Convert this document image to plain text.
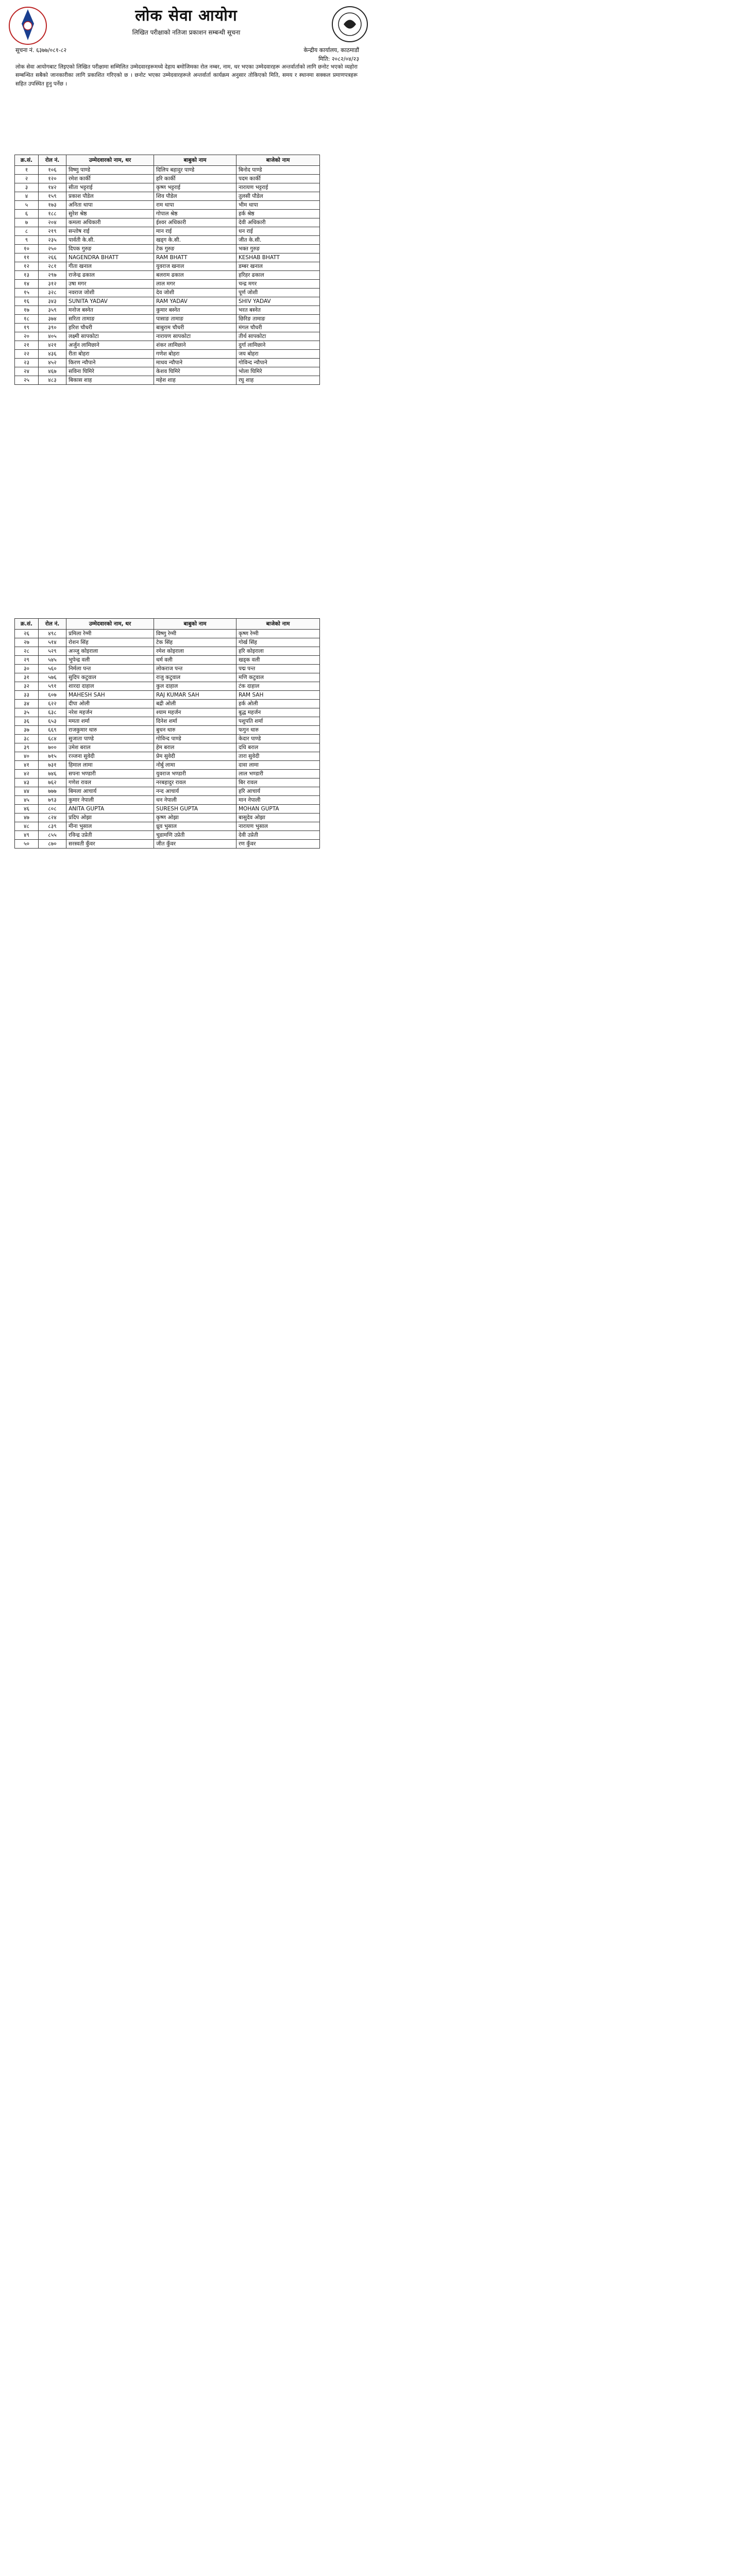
लोक सेवा आयोग
लिखित परीक्षाको नतिजा प्रकाशन सम्बन्धी सूचना
सूचना नं. ६३७७/०८१-८२	केन्द्रीय कार्यालय, काठमाडौं
मिति: २०८२/०४/२३
लोक सेवा आयोगबाट लिइएको लिखित परीक्षामा सम्मिलित उम्मेदवारहरूमध्ये देहाय बमोजिमका रोल नम्बर, नाम, थर भएका उम्मेदवारहरू अन्तर्वार्ताको लागि छनोट भएको व्यहोरा सम्बन्धित सबैको जानकारीका लागि प्रकाशित गरिएको छ । छनोट भएका उम्मेदवारहरूले अन्तर्वार्ता कार्यक्रम अनुसार तोकिएको मिति, समय र स्थानमा सक्कल प्रमाणपत्रहरू सहित उपस्थित हुनु पर्नेछ ।
क्र.सं.	रोल नं.	उम्मेदवारको नाम, थर	बाबुको नाम	बाजेको नाम
१	१०६	विष्णु पाण्डे	दिलिप बहादुर पाण्डे	बिनोद पाण्डे
२	१२०	रमेश कार्की	हरि कार्की	पदम कार्की
३	१४२	सीता भट्टराई	कृष्ण भट्टराई	नारायण भट्टराई
४	१५९	प्रकाश पौडेल	शिव पौडेल	तुलसी पौडेल
५	१७३	अनिता थापा	राम थापा	भीम थापा
६	१८८	सुरेश श्रेष्ठ	गोपाल श्रेष्ठ	हर्क श्रेष्ठ
७	२०४	कमला अधिकारी	ईश्वर अधिकारी	देवी अधिकारी
८	२१९	सन्तोष राई	मान राई	धन राई
९	२३५	पार्वती के.सी.	खड्ग के.सी.	जीत के.सी.
१०	२५०	दिपक गुरुङ	टेक गुरुङ	भक्त गुरुङ
११	२६६	NAGENDRA BHATT	RAM BHATT	KESHAB BHATT
१२	२८१	गीता खनाल	युवराज खनाल	डम्बर खनाल
१३	२९७	राजेन्द्र ढकाल	बलराम ढकाल	हरिहर ढकाल
१४	३१२	उषा मगर	लाल मगर	चन्द्र मगर
१५	३२८	नवराज जोशी	देव जोशी	पूर्ण जोशी
१६	३४३	SUNITA YADAV	RAM YADAV	SHIV YADAV
१७	३५९	मनोज बस्नेत	कुमार बस्नेत	भरत बस्नेत
१८	३७४	सरिता तामाङ	पासाङ तामाङ	छिरिङ तामाङ
१९	३९०	हरिश चौधरी	बाबुराम चौधरी	मंगल चौधरी
२०	४०५	लक्ष्मी सापकोटा	नारायण सापकोटा	तीर्थ सापकोटा
२१	४२१	अर्जुन लामिछाने	शंकर लामिछाने	दुर्गा लामिछाने
२२	४३६	रीता बोहरा	गणेश बोहरा	जय बोहरा
२३	४५२	किरण न्यौपाने	माधव न्यौपाने	गोविन्द न्यौपाने
२४	४६७	सविना घिमिरे	केशव घिमिरे	भोला घिमिरे
२५	४८३	बिकास शाह	महेश शाह	रघु शाह
क्र.सं.	रोल नं.	उम्मेदवारको नाम, थर	बाबुको नाम	बाजेको नाम
२६	४९८	प्रमिला रेग्मी	विष्णु रेग्मी	कृष्ण रेग्मी
२७	५१४	रोशन सिंह	टेक सिंह	गोर्ख सिंह
२८	५२९	अञ्जु कोइराला	रमेश कोइराला	हरि कोइराला
२९	५४५	भुपेन्द्र वली	धर्म वली	खड्क वली
३०	५६०	निर्मला पन्त	लोकराज पन्त	पद्म पन्त
३१	५७६	सुदिप कटुवाल	राजु कटुवाल	मणि कटुवाल
३२	५९१	शारदा दाहाल	कुल दाहाल	टंक दाहाल
३३	६०७	MAHESH SAH	RAJ KUMAR SAH	RAM SAH
३४	६२२	दीपा ओली	बद्री ओली	हर्क ओली
३५	६३८	नरेश महर्जन	श्याम महर्जन	बुद्ध महर्जन
३६	६५३	ममता शर्मा	दिनेश शर्मा	पशुपति शर्मा
३७	६६९	राजकुमार थारु	बुधन थारु	फगुन थारु
३८	६८४	सुजाता पाण्डे	गोविन्द पाण्डे	केदार पाण्डे
३९	७००	उमेश बराल	हेम बराल	दधि बराल
४०	७१५	रञ्जना सुवेदी	प्रेम सुवेदी	तारा सुवेदी
४१	७३१	हिमाल लामा	नोर्बु लामा	दावा लामा
४२	७४६	सपना भण्डारी	युवराज भण्डारी	लाल भण्डारी
४३	७६२	गणेश रावल	नरबहादुर रावल	बिर रावल
४४	७७७	बिमला आचार्य	नन्द आचार्य	हरि आचार्य
४५	७९३	कुमार नेपाली	धन नेपाली	मान नेपाली
४६	८०८	ANITA GUPTA	SURESH GUPTA	MOHAN GUPTA
४७	८२४	प्रदिप ओझा	कृष्ण ओझा	बासुदेव ओझा
४८	८३९	मीना भुसाल	ध्रुव भुसाल	नारायण भुसाल
४९	८५५	रविन्द्र उप्रेती	चुडामणि उप्रेती	देवी उप्रेती
५०	८७०	सरस्वती कुँवर	जीत कुँवर	रण कुँवर
